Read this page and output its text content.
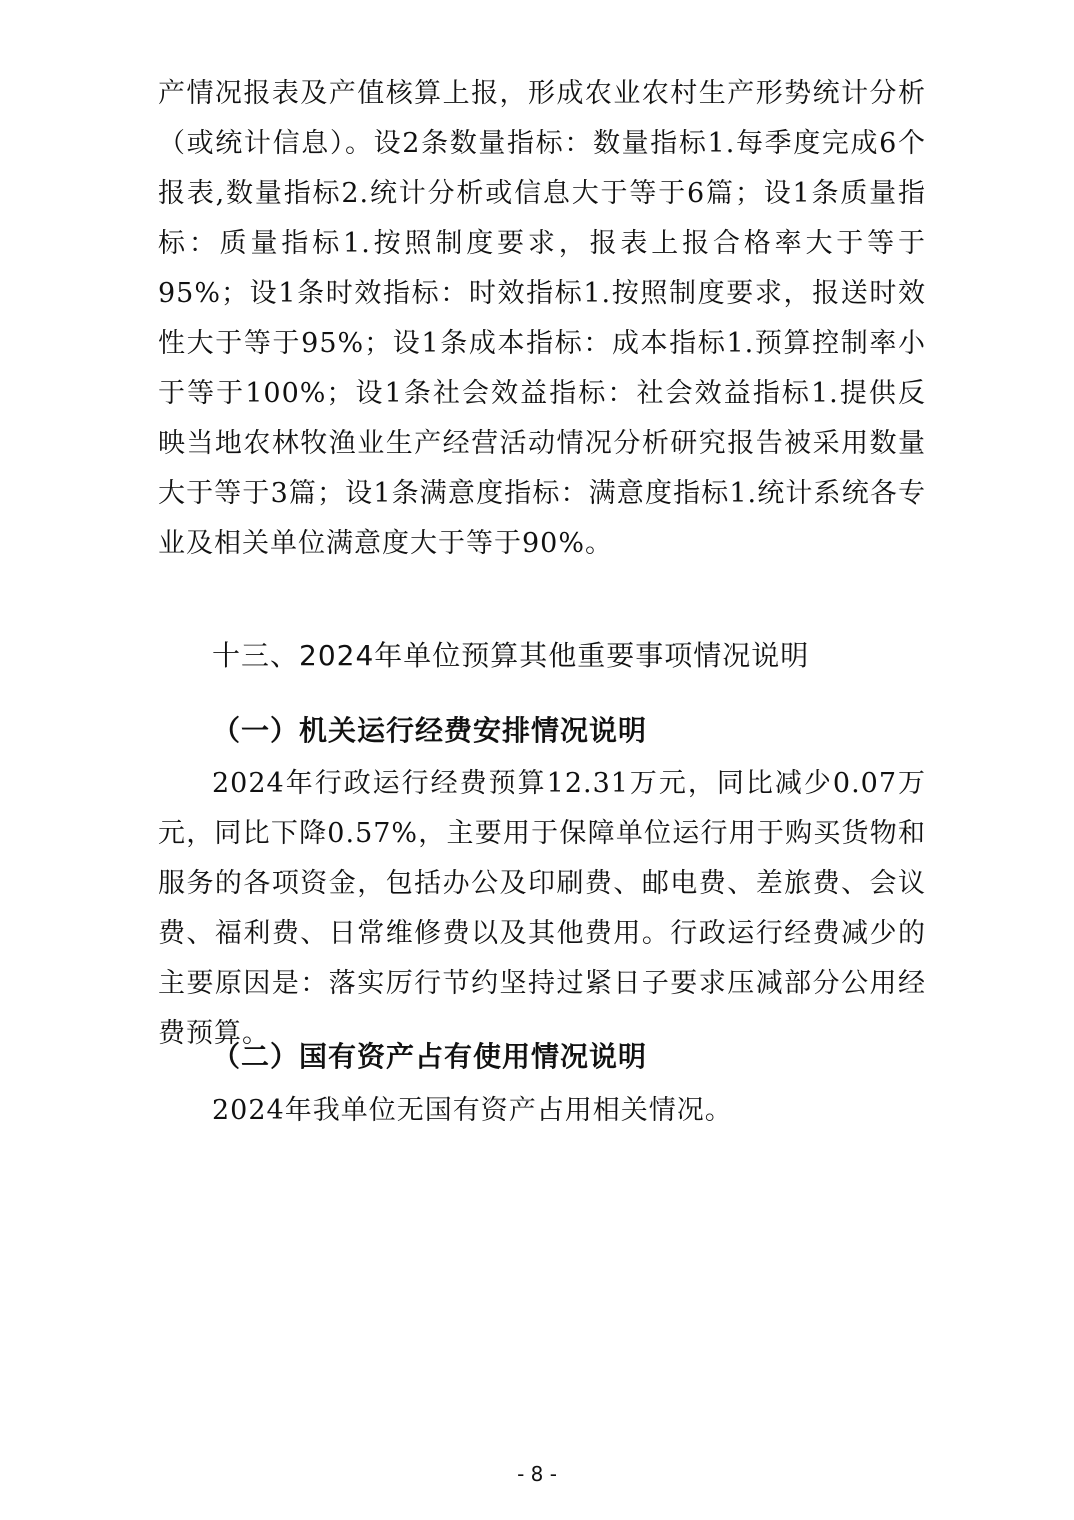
产情况报表及产值核算上报，形成农业农村生产形势统计分析（或统计信息）。设2条数量指标：数量指标1.每季度完成6个报表,数量指标2.统计分析或信息大于等于6篇；设1条质量指标：质量指标1.按照制度要求，报表上报合格率大于等于95%；设1条时效指标：时效指标1.按照制度要求，报送时效性大于等于95%；设1条成本指标：成本指标1.预算控制率小于等于100%；设1条社会效益指标：社会效益指标1.提供反映当地农林牧渔业生产经营活动情况分析研究报告被采用数量大于等于3篇；设1条满意度指标：满意度指标1.统计系统各专业及相关单位满意度大于等于90%。

十三、2024年单位预算其他重要事项情况说明
（一）机关运行经费安排情况说明

2024年行政运行经费预算12.31万元，同比减少0.07万元，同比下降0.57%，主要用于保障单位运行用于购买货物和服务的各项资金，包括办公及印刷费、邮电费、差旅费、会议费、福利费、日常维修费以及其他费用。行政运行经费减少的主要原因是：落实厉行节约坚持过紧日子要求压减部分公用经费预算。

（二）国有资产占有使用情况说明

2024年我单位无国有资产占用相关情况。

- 8 -
